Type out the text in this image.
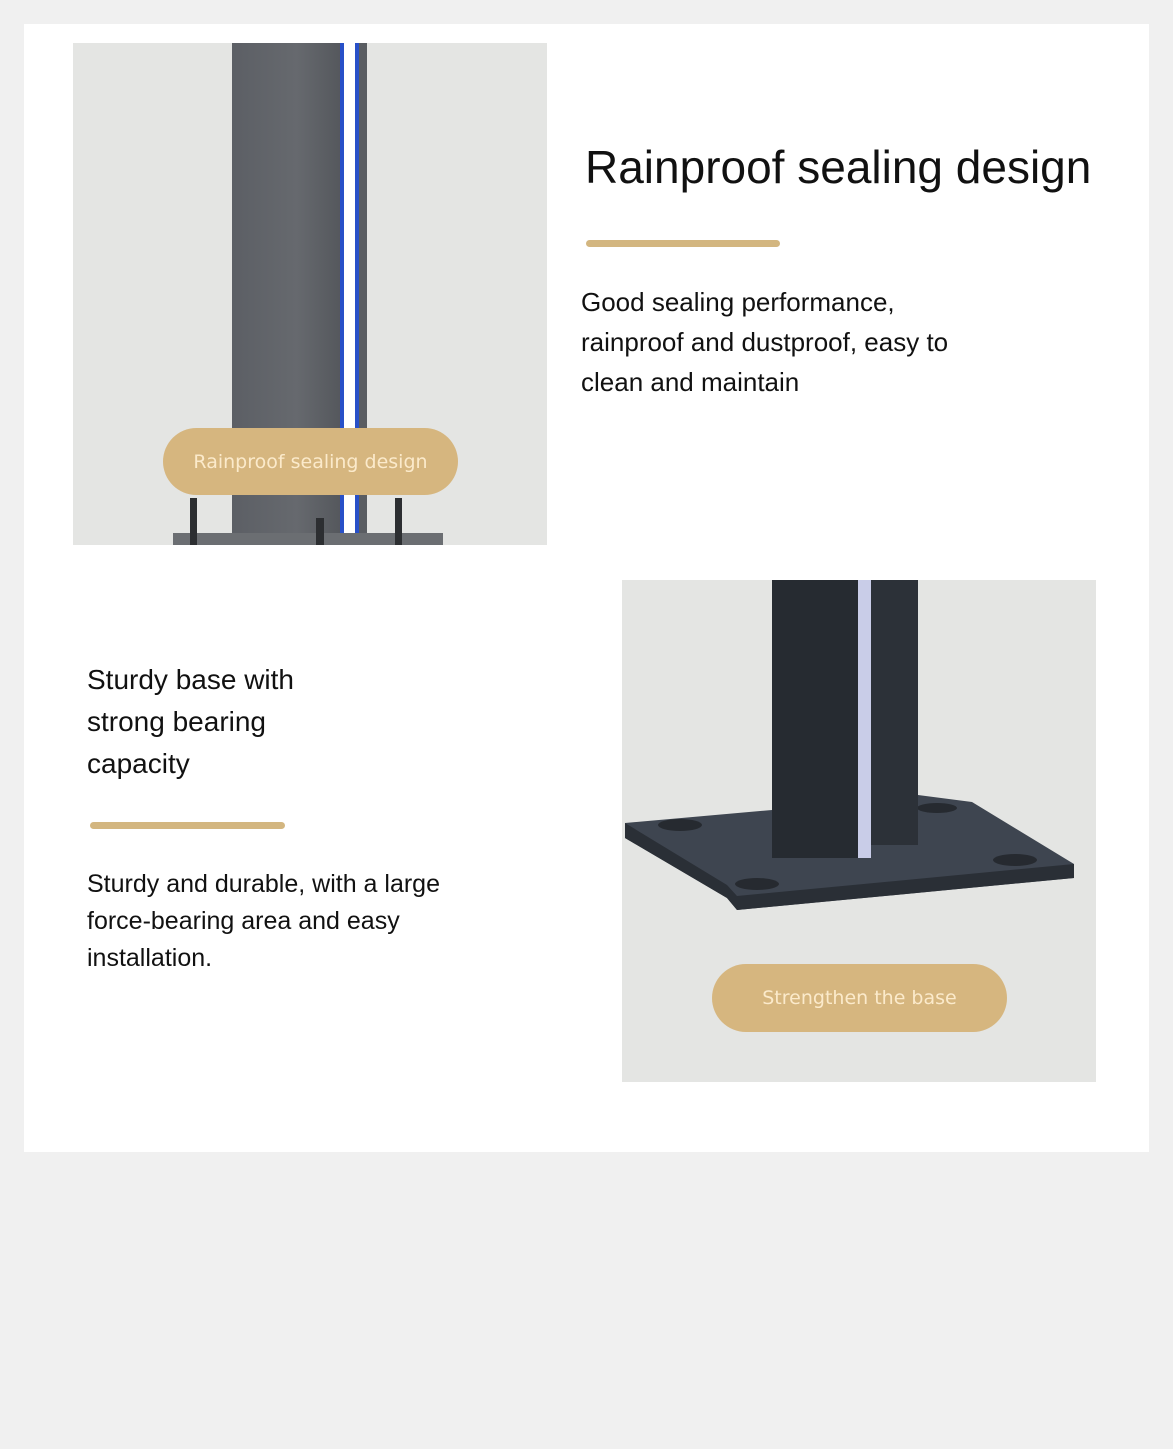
Rainproof sealing design
Rainproof sealing design
Good sealing performance,
rainproof and dustproof, easy to
clean and maintain
Sturdy base with
strong bearing
capacity
Sturdy and durable, with a large
force-bearing area and easy
installation.
Strengthen the base
